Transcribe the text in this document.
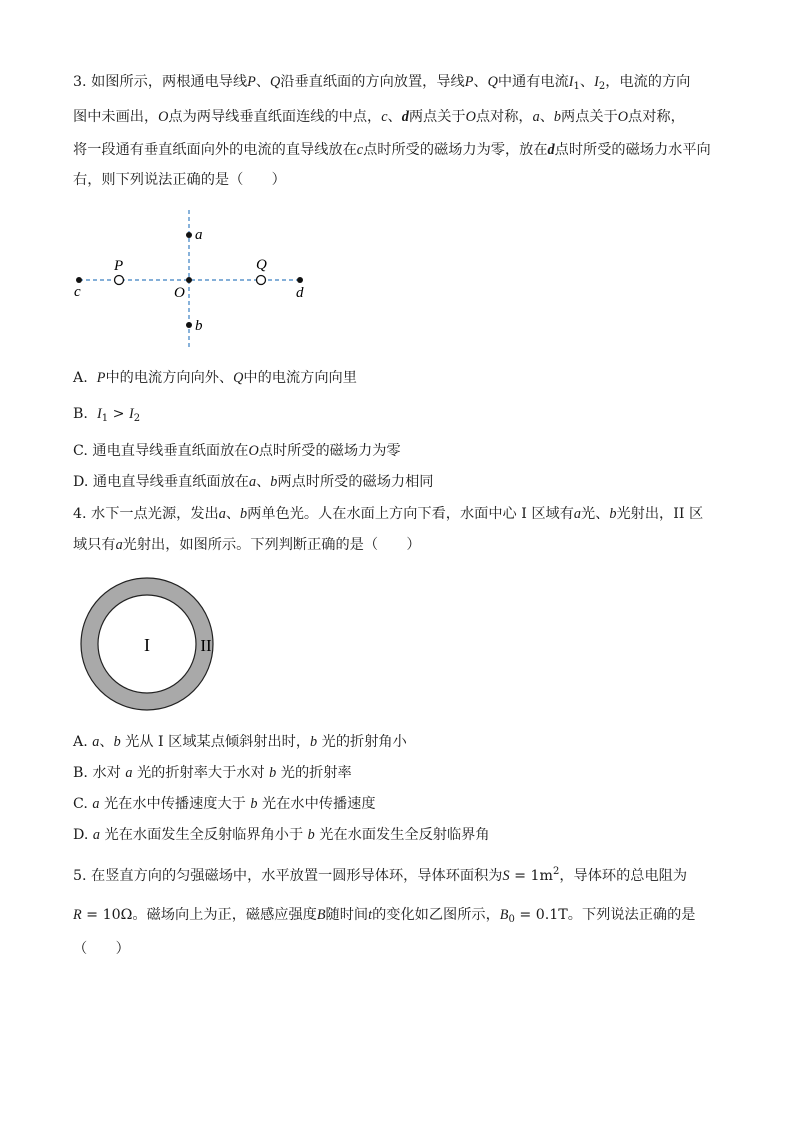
3. 如图所示，两根通电导线P、Q沿垂直纸面的方向放置，导线P、Q中通有电流$I_1$、$I_2$，电流的方向
图中未画出，O点为两导线垂直纸面连线的中点，c、d两点关于O点对称，a、b两点关于O点对称，
将一段通有垂直纸面向外的电流的直导线放在c点时所受的磁场力为零，放在d点时所受的磁场力水平向
右，则下列说法正确的是（　　）
a
b
c	d
P	Q
O
A. P中的电流方向向外、Q中的电流方向向里
B. $I_1 > I_2$
C. 通电直导线垂直纸面放在O点时所受的磁场力为零
D. 通电直导线垂直纸面放在a、b两点时所受的磁场力相同
4. 水下一点光源，发出a、b两单色光。人在水面上方向下看，水面中心 I 区域有a光、b光射出，II 区
域只有a光射出，如图所示。下列判断正确的是（　　）
I	II
A. a、b 光从 I 区域某点倾斜射出时，b 光的折射角小
B. 水对 a 光的折射率大于水对 b 光的折射率
C. a 光在水中传播速度大于 b 光在水中传播速度
D. a 光在水面发生全反射临界角小于 b 光在水面发生全反射临界角
5. 在竖直方向的匀强磁场中，水平放置一圆形导体环，导体环面积为$S = 1m^2$，导体环的总电阻为
R = 10Ω。磁场向上为正，磁感应强度B随时间t的变化如乙图所示，$B_0 = 0.1T$。下列说法正确的是
（　　）
